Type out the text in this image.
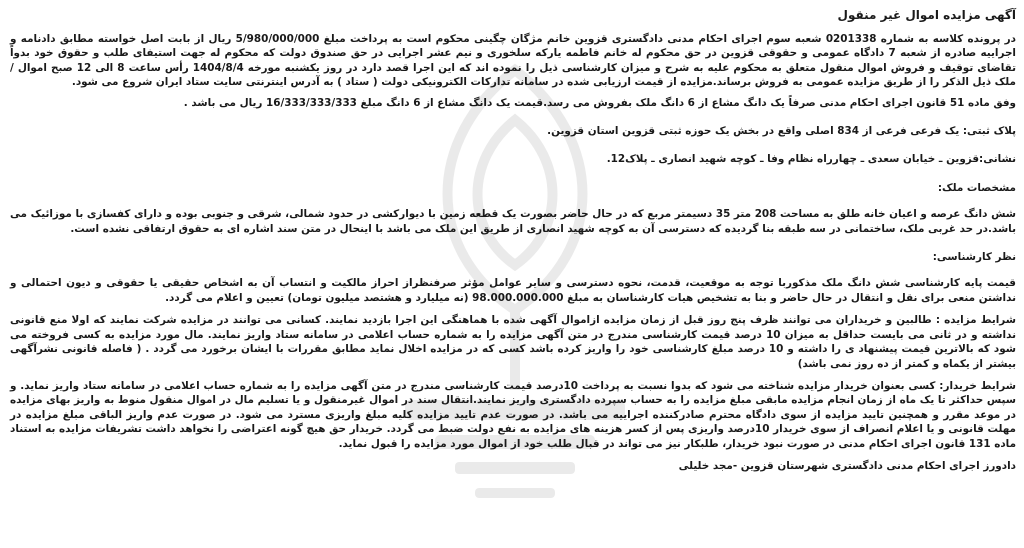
آگهی مزایده اموال غیر منقول

در پرونده کلاسه به شماره 0201338 شعبه سوم اجرای احکام مدنی دادگستری قزوین خانم مژگان چگینی محکوم است به پرداخت مبلغ 5/980/000/000 ریال از بابت اصل خواسته مطابق دادنامه و اجراییه صادره از شعبه 7 دادگاه عمومی و حقوقی قزوین در حق محکوم له خانم فاطمه یارکه سلخوری و نیم عشر اجرایی در حق صندوق دولت که محکوم له جهت استیفای طلب و حقوق خود بدواً تقاضای توقیف و فروش اموال منقول متعلق به محکوم علیه به شرح و میزان کارشناسی ذیل را نموده اند که این اجرا قصد دارد در روز یکشنبه مورخه 1404/8/4 رأس ساعت 8 الی 12 صبح اموال / ملک ذیل الذکر را از طریق مزایده عمومی به فروش برساند.مزایده از قیمت ارزیابی شده در سامانه تدارکات الکترونیکی دولت ( ستاد ) به آدرس اینترنتی سایت ستاد ایران شروع می شود.

وفق ماده 51 قانون اجرای احکام مدنی صرفاً یک دانگ مشاع از 6 دانگ ملک بفروش می رسد.قیمت یک دانگ مشاع از 6 دانگ مبلغ 16/333/333/333 ریال می باشد .

پلاک ثبتی: یک فرعی فرعی از 834 اصلی واقع در بخش یک حوزه ثبتی قزوین استان قزوین.

نشانی:قزوین ـ خیابان سعدی ـ چهارراه نظام وفا ـ کوچه شهید انصاری ـ پلاک12.

مشخصات ملک:

شش دانگ عرصه و اعیان خانه طلق به مساحت 208 متر 35 دسیمتر مربع که در حال حاضر بصورت یک قطعه زمین با دیوارکشی در حدود شمالی، شرقی و جنوبی بوده و دارای کفسازی با موزائیک می باشد.در حد غربی ملک، ساختمانی در سه طبقه بنا گردیده که دسترسی آن به کوچه شهید انصاری از طریق این ملک می باشد با اینحال در متن سند اشاره ای به حقوق ارتفاقی نشده است.

نظر کارشناسی:

قیمت پایه کارشناسی شش دانگ ملک مذکوربا توجه به موقعیت، قدمت، نحوه دسترسی و سایر عوامل مؤثر صرفنظراز احراز مالکیت و انتساب آن به اشخاص حقیقی یا حقوقی و دیون احتمالی و نداشتن منعی برای نقل و انتقال در حال حاضر و بنا به تشخیص هیات کارشناسان به مبلغ 98.000.000.000 (نه میلیارد و هشتصد میلیون تومان) تعیین و اعلام می گردد.

شرایط مزایده : طالبین و خریداران می توانند ظرف پنج روز قبل از زمان مزایده ازاموال آگهی شده با هماهنگی این اجرا بازدید نمایند. کسانی می توانند در مزایده شرکت نمایند که اولا منع قانونی نداشته و در ثانی می بایست حداقل به میزان 10 درصد قیمت کارشناسی مندرج در متن آگهی مزایده را به شماره حساب اعلامی در سامانه ستاد واریز نمایند. مال مورد مزایده به کسی فروخته می شود که بالاترین قیمت پیشنهاد ی را داشته و 10 درصد مبلغ کارشناسی خود را واریز کرده باشد کسی که در مزایده اخلال نماید مطابق مقررات با ایشان برخورد می گردد . ( فاصله قانونی نشرآگهی بیشتر از یکماه و کمتر از ده روز نمی باشد)

شرایط خریدار: کسی بعنوان خریدار مزایده شناخته می شود که بدوا نسبت به پرداخت 10درصد قیمت کارشناسی مندرج در متن آگهی مزایده را به شماره حساب اعلامی در سامانه ستاد واریز نماید. و سپس حداکثر تا یک ماه از زمان انجام مزایده مابقی مبلغ مزایده را به حساب سپرده دادگستری واریز نمایند.انتقال سند در اموال غیرمنقول و یا تسلیم مال در اموال منقول منوط به واریز بهای مزایده در موعد مقرر و همچنین تایید مزایده از سوی دادگاه محترم صادرکننده اجراییه می باشد. در صورت عدم تایید مزایده کلیه مبلغ واریزی مسترد می شود. در صورت عدم واریز الباقی مبلغ مزایده در مهلت قانونی و یا اعلام انصراف از سوی خریدار 10درصد واریزی پس از کسر هزینه های مزایده به نفع دولت ضبط می گردد. خریدار حق هیچ گونه اعتراضی را نخواهد داشت تشریفات مزایده به استناد ماده 131 قانون اجرای احکام مدنی در صورت نبود خریدار، طلبکار نیز می تواند در قبال طلب خود از اموال مورد مزایده را قبول نماید.

دادورز اجرای احکام مدنی دادگستری شهرستان قزوین -مجد خلیلی
